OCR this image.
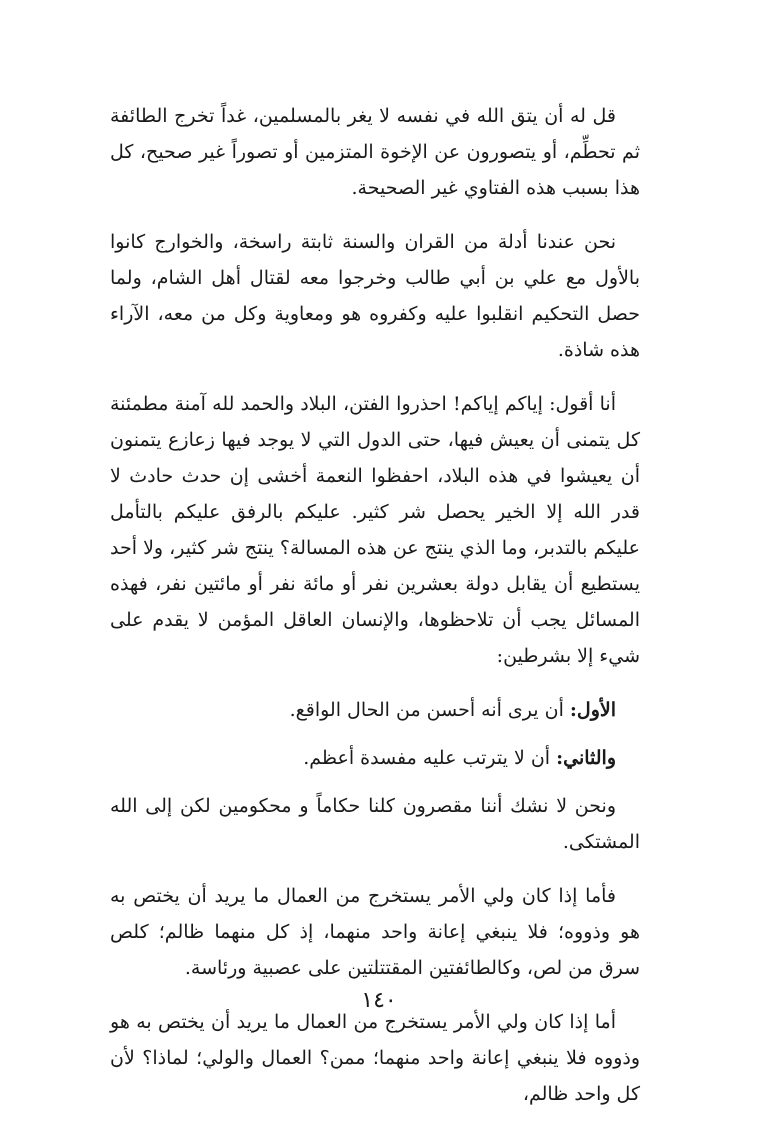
قل له أن يتق الله في نفسه لا يغر بالمسلمين، غداً تخرج الطائفة ثم تحطِّم، أو يتصورون عن الإخوة المتزمين أو تصوراً غير صحيح، كل هذا بسبب هذه الفتاوي غير الصحيحة.

نحن عندنا أدلة من القران والسنة ثابتة راسخة، والخوارج كانوا بالأول مع علي بن أبي طالب وخرجوا معه لقتال أهل الشام، ولما حصل التحكيم انقلبوا عليه وكفروه هو ومعاوية وكل من معه، الآراء هذه شاذة.

أنا أقول: إياكم إياكم! احذروا الفتن، البلاد والحمد لله آمنة مطمئنة كل يتمنى أن يعيش فيها، حتى الدول التي لا يوجد فيها زعازع يتمنون أن يعيشوا في هذه البلاد، احفظوا النعمة أخشى إن حدث حادث لا قدر الله إلا الخير يحصل شر كثير. عليكم بالرفق عليكم بالتأمل عليكم بالتدبر، وما الذي ينتج عن هذه المسالة؟ ينتج شر كثير، ولا أحد يستطيع أن يقابل دولة بعشرين نفر أو مائة نفر أو مائتين نفر، فهذه المسائل يجب أن تلاحظوها، والإنسان العاقل المؤمن لا يقدم على شيء إلا بشرطين:

الأول: أن يرى أنه أحسن من الحال الواقع.

والثاني: أن لا يترتب عليه مفسدة أعظم.

ونحن لا نشك أننا مقصرون كلنا حكاماً و محكومين لكن إلى الله المشتكى.

فأما إذا كان ولي الأمر يستخرج من العمال ما يريد أن يختص به هو وذووه؛ فلا ينبغي إعانة واحد منهما، إذ كل منهما ظالم؛ كلص سرق من لص، وكالطائفتين المقتتلتين على عصبية ورئاسة.

أما إذا كان ولي الأمر يستخرج من العمال ما يريد أن يختص به هو وذووه فلا ينبغي إعانة واحد منهما؛ ممن؟ العمال والولي؛ لماذا؟ لأن كل واحد ظالم،

١٤٠
